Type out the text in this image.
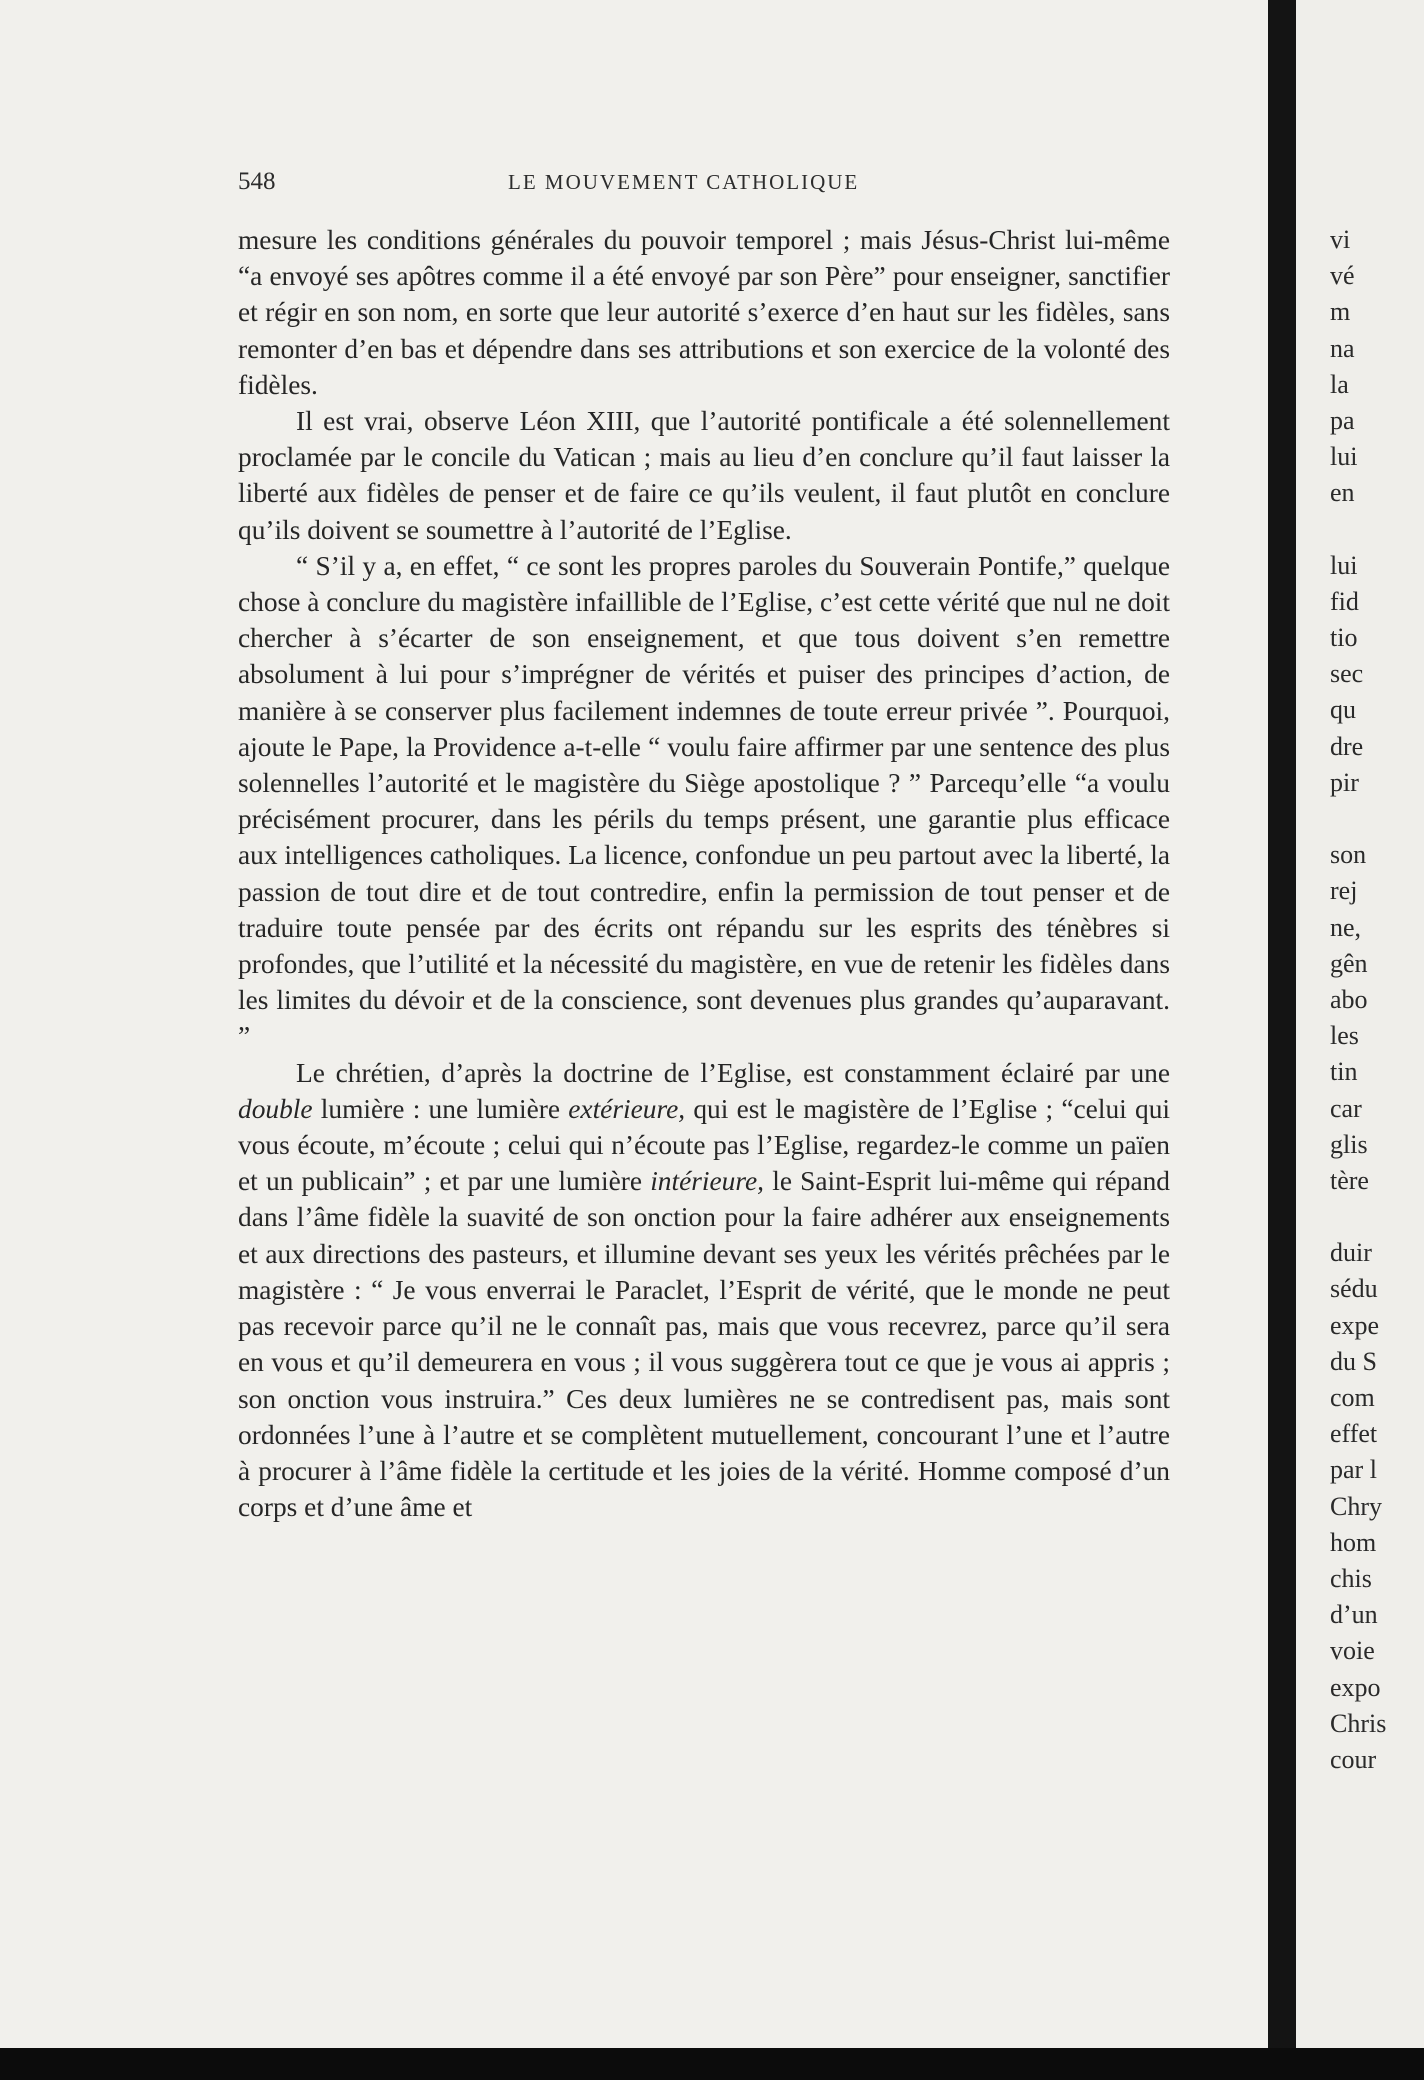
548	LE MOUVEMENT CATHOLIQUE

mesure les conditions générales du pouvoir temporel ; mais Jésus-Christ lui-même “a envoyé ses apôtres comme il a été envoyé par son Père” pour enseigner, sanctifier et régir en son nom, en sorte que leur autorité s’exerce d’en haut sur les fidèles, sans remonter d’en bas et dépendre dans ses attributions et son exercice de la volonté des fidèles.

Il est vrai, observe Léon XIII, que l’autorité pontificale a été solennellement proclamée par le concile du Vatican ; mais au lieu d’en conclure qu’il faut laisser la liberté aux fidèles de penser et de faire ce qu’ils veulent, il faut plutôt en conclure qu’ils doivent se soumettre à l’autorité de l’Eglise.

“ S’il y a, en effet, “ ce sont les propres paroles du Souverain Pontife,” quelque chose à conclure du magistère infaillible de l’Eglise, c’est cette vérité que nul ne doit chercher à s’écarter de son enseignement, et que tous doivent s’en remettre absolument à lui pour s’imprégner de vérités et puiser des principes d’action, de manière à se conserver plus facilement indemnes de toute erreur privée ”. Pourquoi, ajoute le Pape, la Providence a-t-elle “ voulu faire affirmer par une sentence des plus solennelles l’autorité et le magistère du Siège apostolique ? ” Parcequ’elle “a voulu précisément procurer, dans les périls du temps présent, une garantie plus efficace aux intelligences catholiques. La licence, confondue un peu partout avec la liberté, la passion de tout dire et de tout contredire, enfin la permission de tout penser et de traduire toute pensée par des écrits ont répandu sur les esprits des ténèbres si profondes, que l’utilité et la nécessité du magistère, en vue de retenir les fidèles dans les limites du dévoir et de la conscience, sont devenues plus grandes qu’auparavant. ”

Le chrétien, d’après la doctrine de l’Eglise, est constamment éclairé par une double lumière : une lumière extérieure, qui est le magistère de l’Eglise ; “celui qui vous écoute, m’écoute ; celui qui n’écoute pas l’Eglise, regardez-le comme un païen et un publicain” ; et par une lumière intérieure, le Saint-Esprit lui-même qui répand dans l’âme fidèle la suavité de son onction pour la faire adhérer aux enseignements et aux directions des pasteurs, et illumine devant ses yeux les vérités prêchées par le magistère : “ Je vous enverrai le Paraclet, l’Esprit de vérité, que le monde ne peut pas recevoir parce qu’il ne le connaît pas, mais que vous recevrez, parce qu’il sera en vous et qu’il demeurera en vous ; il vous suggèrera tout ce que je vous ai appris ; son onction vous instruira.” Ces deux lumières ne se contredisent pas, mais sont ordonnées l’une à l’autre et se complètent mutuellement, concourant l’une et l’autre à procurer à l’âme fidèle la certitude et les joies de la vérité. Homme composé d’un corps et d’une âme et

vi
vé
m
na
la
pa
lui
en
lui
fid
tio
sec
qu
dre
pir
son
rej
ne,
gên
abo
les
tin
car
glis
tère
duir
sédu
expe
du S
com
effet
par l
Chry
hom
chis
d’un
voie
expo
Chris
cour
